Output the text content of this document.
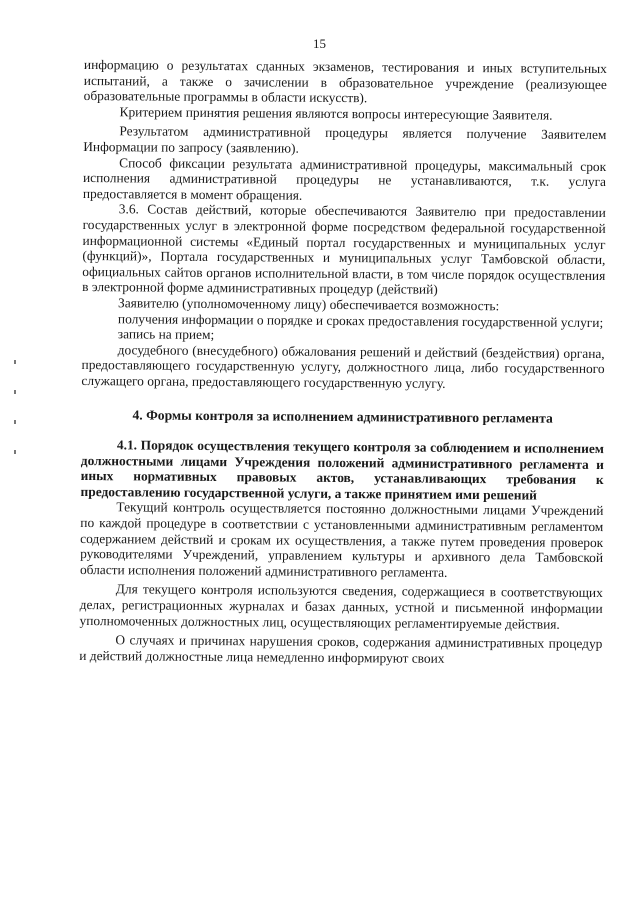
15

информацию о результатах сданных экзаменов, тестирования и иных вступительных испытаний, а также о зачислении в образовательное учреждение (реализующее образовательные программы в области искусств).

Критерием принятия решения являются вопросы интересующие Заявителя.

Результатом административной процедуры является получение Заявителем Информации по запросу (заявлению).

Способ фиксации результата административной процедуры, максимальный срок исполнения административной процедуры не устанавливаются, т.к. услуга предоставляется в момент обращения.

3.6. Состав действий, которые обеспечиваются Заявителю при предоставлении государственных услуг в электронной форме посредством федеральной государственной информационной системы «Единый портал государственных и муниципальных услуг (функций)», Портала государственных и муниципальных услуг Тамбовской области, официальных сайтов органов исполнительной власти, в том числе порядок осуществления в электронной форме административных процедур (действий)

Заявителю (уполномоченному лицу) обеспечивается возможность:

получения информации о порядке и сроках предоставления государственной услуги;

запись на прием;

досудебного (внесудебного) обжалования решений и действий (бездействия) органа, предоставляющего государственную услугу, должностного лица, либо государственного служащего органа, предоставляющего государственную услугу.

4. Формы контроля за исполнением административного регламента

4.1. Порядок осуществления текущего контроля за соблюдением и исполнением должностными лицами Учреждения положений административного регламента и иных нормативных правовых актов, устанавливающих требования к предоставлению государственной услуги, а также принятием ими решений

Текущий контроль осуществляется постоянно должностными лицами Учреждений по каждой процедуре в соответствии с установленными административным регламентом содержанием действий и срокам их осуществления, а также путем проведения проверок руководителями Учреждений, управлением культуры и архивного дела Тамбовской области исполнения положений административного регламента.

Для текущего контроля используются сведения, содержащиеся в соответствующих делах, регистрационных журналах и базах данных, устной и письменной информации уполномоченных должностных лиц, осуществляющих регламентируемые действия.

О случаях и причинах нарушения сроков, содержания административных процедур и действий должностные лица немедленно информируют своих
